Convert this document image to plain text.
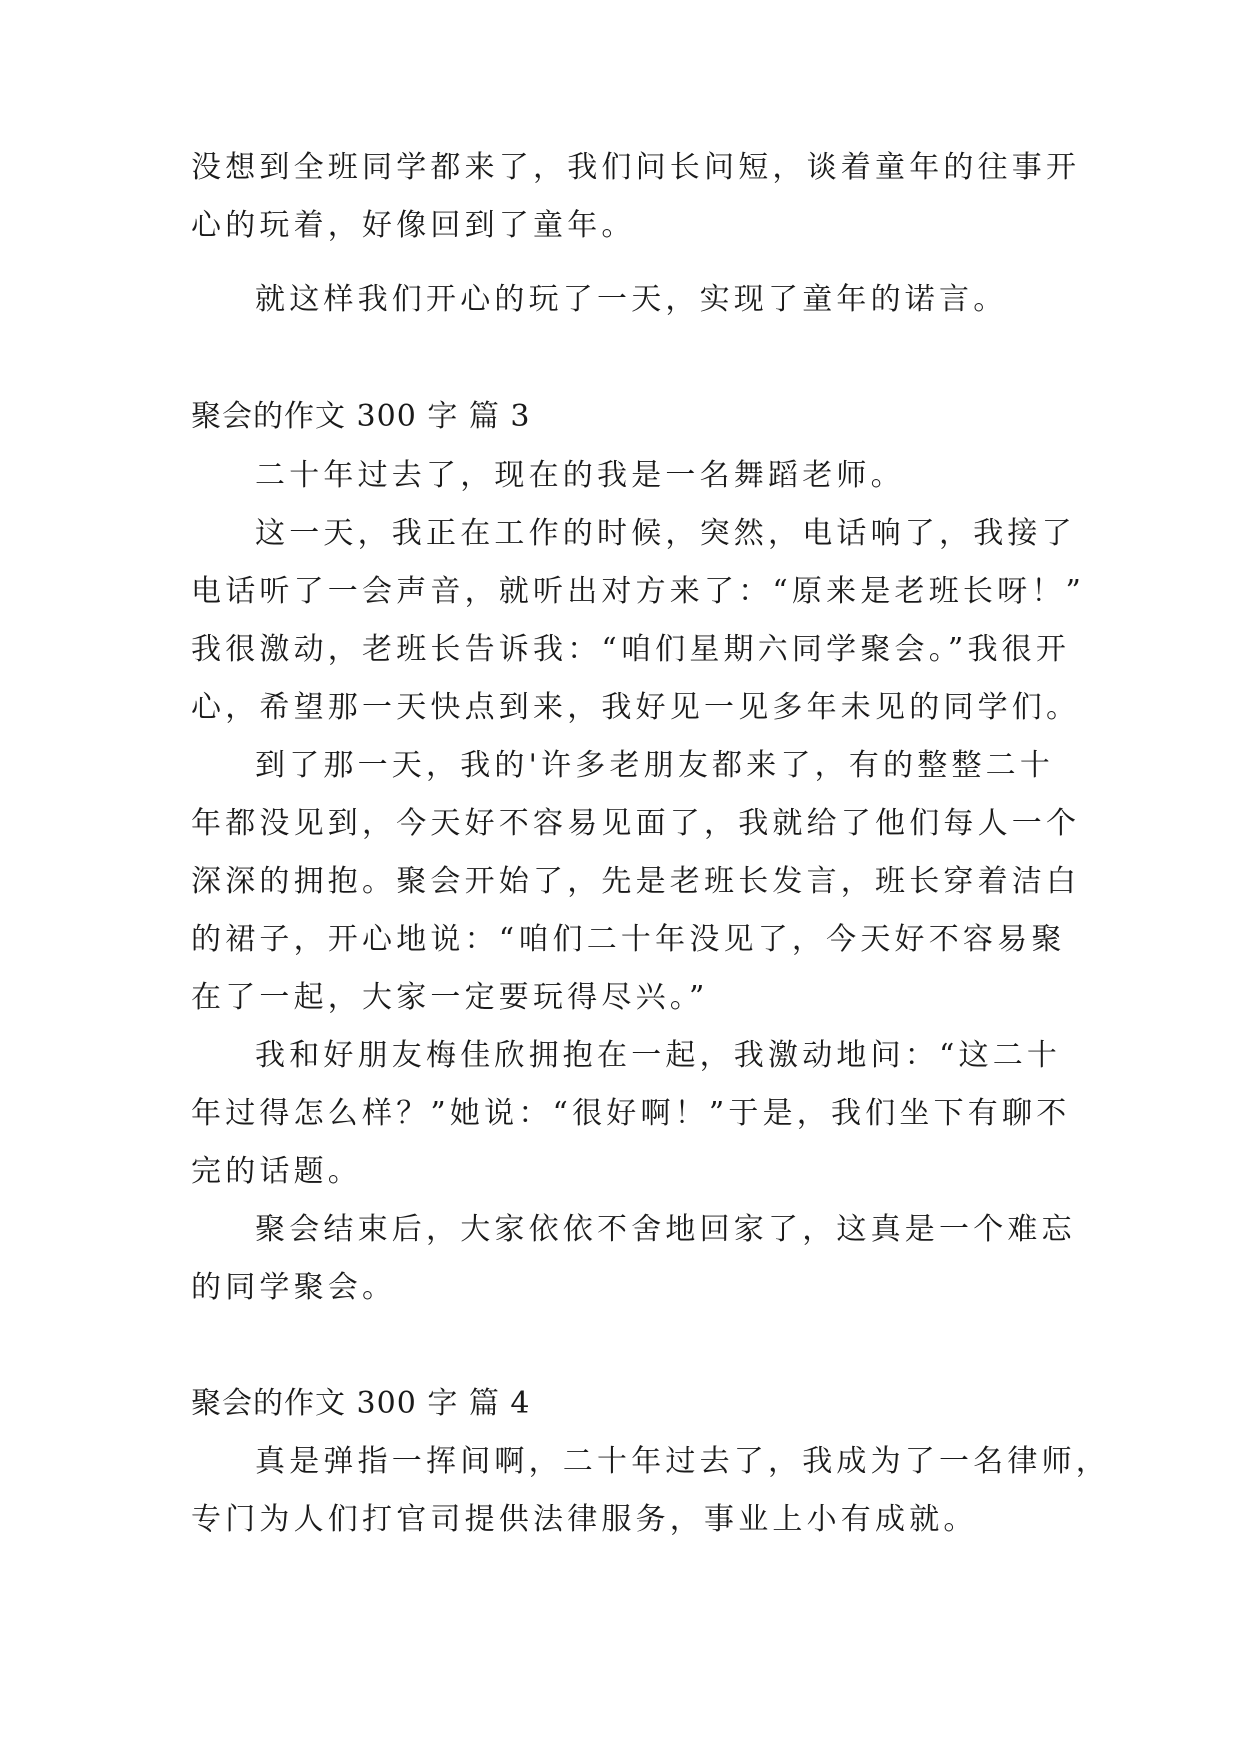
没想到全班同学都来了，我们问长问短，谈着童年的往事开
心的玩着，好像回到了童年。
就这样我们开心的玩了一天，实现了童年的诺言。
聚会的作文 300 字 篇 3
二十年过去了，现在的我是一名舞蹈老师。
这一天，我正在工作的时候，突然，电话响了，我接了
电话听了一会声音，就听出对方来了：“原来是老班长呀！”
我很激动，老班长告诉我：“咱们星期六同学聚会。”我很开
心，希望那一天快点到来，我好见一见多年未见的同学们。
到了那一天，我的'许多老朋友都来了，有的整整二十
年都没见到，今天好不容易见面了，我就给了他们每人一个
深深的拥抱。聚会开始了，先是老班长发言，班长穿着洁白
的裙子，开心地说：“咱们二十年没见了，今天好不容易聚
在了一起，大家一定要玩得尽兴。”
我和好朋友梅佳欣拥抱在一起，我激动地问：“这二十
年过得怎么样？”她说：“很好啊！”于是，我们坐下有聊不
完的话题。
聚会结束后，大家依依不舍地回家了，这真是一个难忘
的同学聚会。
聚会的作文 300 字 篇 4
真是弹指一挥间啊，二十年过去了，我成为了一名律师，
专门为人们打官司提供法律服务，事业上小有成就。
